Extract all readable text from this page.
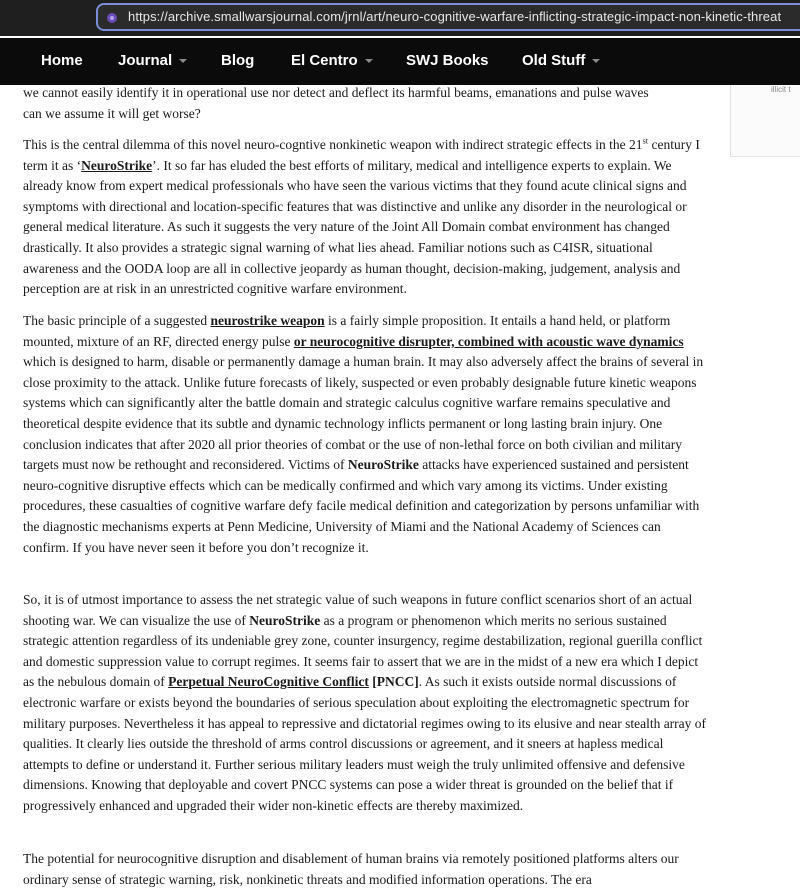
https://archive.smallwarsjournal.com/jrnl/art/neuro-cognitive-warfare-inflicting-strategic-impact-non-kinetic-threat
Home Journal	Blog El Centro	SWJ Books Old Stuff

we cannot easily identify it in operational use nor detect and deflect its harmful beams, emanations and pulse waves

can we assume it will get worse?

This is the central dilemma of this novel neuro-cogntive nonkinetic weapon with indirect strategic effects in the 21st century I term it as ‘NeuroStrike’. It so far has eluded the best efforts of military, medical and intelligence experts to explain. We already know from expert medical professionals who have seen the various victims that they found acute clinical signs and symptoms with directional and location-specific features that was distinctive and unlike any disorder in the neurological or general medical literature. As such it suggests the very nature of the Joint All Domain combat environment has changed drastically. It also provides a strategic signal warning of what lies ahead. Familiar notions such as C4ISR, situational awareness and the OODA loop are all in collective jeopardy as human thought, decision-making, judgement, analysis and perception are at risk in an unrestricted cognitive warfare environment.

The basic principle of a suggested neurostrike weapon is a fairly simple proposition. It entails a hand held, or platform mounted, mixture of an RF, directed energy pulse or neurocognitive disrupter, combined with acoustic wave dynamics which is designed to harm, disable or permanently damage a human brain. It may also adversely affect the brains of several in close proximity to the attack. Unlike future forecasts of likely, suspected or even probably designable future kinetic weapons systems which can significantly alter the battle domain and strategic calculus cognitive warfare remains speculative and theoretical despite evidence that its subtle and dynamic technology inflicts permanent or long lasting brain injury. One conclusion indicates that after 2020 all prior theories of combat or the use of non-lethal force on both civilian and military targets must now be rethought and reconsidered. Victims of NeuroStrike attacks have experienced sustained and persistent neuro-cognitive disruptive effects which can be medically confirmed and which vary among its victims. Under existing procedures, these casualties of cognitive warfare defy facile medical definition and categorization by persons unfamiliar with the diagnostic mechanisms experts at Penn Medicine, University of Miami and the National Academy of Sciences can confirm. If you have never seen it before you don’t recognize it.

So, it is of utmost importance to assess the net strategic value of such weapons in future conflict scenarios short of an actual shooting war. We can visualize the use of NeuroStrike as a program or phenomenon which merits no serious sustained strategic attention regardless of its undeniable grey zone, counter insurgency, regime destabilization, regional guerilla conflict and domestic suppression value to corrupt regimes. It seems fair to assert that we are in the midst of a new era which I depict as the nebulous domain of Perpetual NeuroCognitive Conflict [PNCC]. As such it exists outside normal discussions of electronic warfare or exists beyond the boundaries of serious speculation about exploiting the electromagnetic spectrum for military purposes. Nevertheless it has appeal to repressive and dictatorial regimes owing to its elusive and near stealth array of qualities. It clearly lies outside the threshold of arms control discussions or agreement, and it sneers at hapless medical attempts to define or understand it. Further serious military leaders must weigh the truly unlimited offensive and defensive dimensions. Knowing that deployable and covert PNCC systems can pose a wider threat is grounded on the belief that if progressively enhanced and upgraded their wider non-kinetic effects are thereby maximized.

The potential for neurocognitive disruption and disablement of human brains via remotely positioned platforms alters our ordinary sense of strategic warning, risk, nonkinetic threats and modified information operations. The era

illicit t
